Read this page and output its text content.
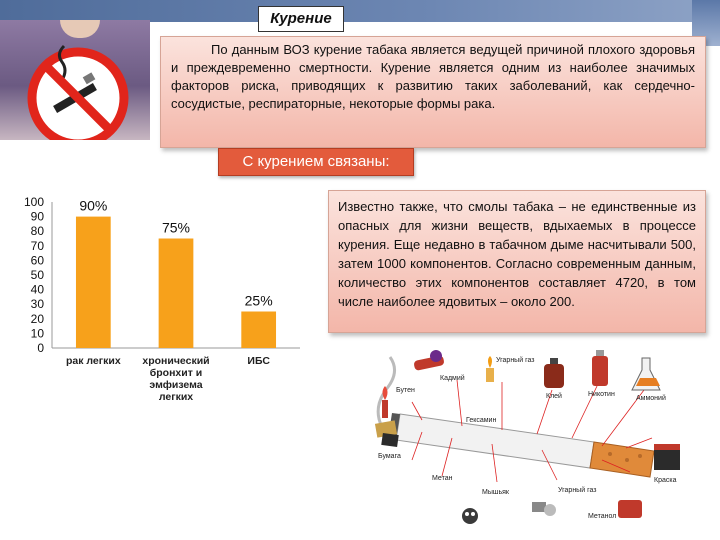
Курение
По данным ВОЗ курение табака является ведущей причиной плохого здоровья и преждевременно смертности. Курение является одним из наиболее значимых факторов риска, приводящих к развитию таких заболеваний, как сердечно-сосудистые, респираторные, некоторые формы рака.
С курением связаны:
0
10
20
30
40
50
60
70
80
90
100	90%
рак легких
75%
хронический
бронхит и
эмфизема
легких
25%
ИБС
Известно также, что смолы табака – не единственные из опасных для жизни веществ, вдыхаемых в процессе курения. Еще недавно в табачном дыме насчитывали 500, затем 1000 компонентов. Согласно современным данным, количество этих компонентов составляет 4720, в том числе наиболее ядовитых – около 200.
Кадмий
Угарный газ
Клей	Никотин
Аммоний
Бутен
Гексамин
Бумага
Метан
Мышьяк	Угарный газ
Метанол
Краска
